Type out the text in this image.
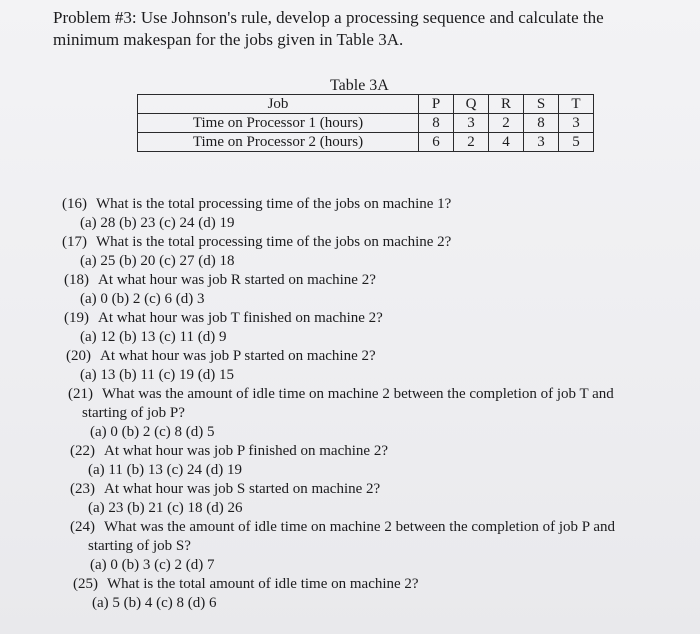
Problem #3: Use Johnson's rule, develop a processing sequence and calculate the
minimum makespan for the jobs given in Table 3A.
Table 3A
Job	P	Q	R	S	T
Time on Processor 1 (hours)	8	3	2	8	3
Time on Processor 2 (hours)	6	2	4	3	5
(16) What is the total processing time of the jobs on machine 1?
(a) 28 (b) 23 (c) 24 (d) 19
(17) What is the total processing time of the jobs on machine 2?
(a) 25 (b) 20 (c) 27 (d) 18
(18) At what hour was job R started on machine 2?
(a) 0 (b) 2 (c) 6 (d) 3
(19) At what hour was job T finished on machine 2?
(a) 12 (b) 13 (c) 11 (d) 9
(20) At what hour was job P started on machine 2?
(a) 13 (b) 11 (c) 19 (d) 15
(21) What was the amount of idle time on machine 2 between the completion of job T and
starting of job P?
(a) 0 (b) 2 (c) 8 (d) 5
(22) At what hour was job P finished on machine 2?
(a) 11 (b) 13 (c) 24 (d) 19
(23) At what hour was job S started on machine 2?
(a) 23 (b) 21 (c) 18 (d) 26
(24) What was the amount of idle time on machine 2 between the completion of job P and
starting of job S?
(a) 0 (b) 3 (c) 2 (d) 7
(25) What is the total amount of idle time on machine 2?
(a) 5 (b) 4 (c) 8 (d) 6
